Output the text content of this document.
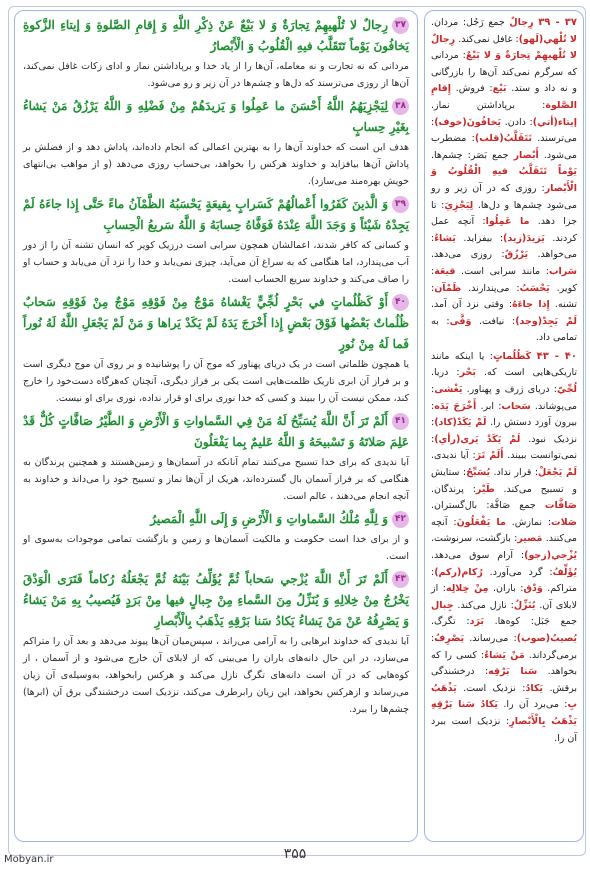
۳۷رِجالٌ لا تُلْهيهِمْ تِجارَةٌ وَ لا بَيْعٌ عَنْ ذِكْرِ اللَّهِ وَ إِقامِ الصَّلوةِ وَ إيتاءِ الزَّكوةِ يَخافُونَ يَوْماً تَتَقَلَّبُ فيهِ الْقُلُوبُ وَ الْأَبْصارُ
مردانی که نه تجارت و نه معامله، آن‌ها را از یاد خدا و برپاداشتن نماز و ادای زکات غافل نمی‌کند، آن‌ها از روزی می‌ترسند که دل‌ها و چشم‌ها در آن زیر و رو می‌شود.
۳۸لِيَجْزِيَهُمُ اللَّهُ أَحْسَنَ ما عَمِلُوا وَ يَزيدَهُمْ مِنْ فَضْلِهِ وَ اللَّهُ يَرْزُقُ مَنْ يَشاءُ بِغَيْرِ حِسابٍ
هدف این است که خداوند آن‌ها را به بهترین اعمالی که انجام داده‌اند، پاداش دهد و از فضلش بر پاداش آن‌ها بیافزاید و خداوند هرکس را بخواهد، بی‌حساب روزی می‌دهد (و از مواهب بی‌انتهای خویش بهره‌مند می‌سازد).
۳۹وَ الَّذينَ كَفَرُوا أَعْمالُهُمْ كَسَرابٍ بِقيعَةٍ يَحْسَبُهُ الظَّمْآنُ ماءً حَتَّى إِذا جاءَهُ لَمْ يَجِدْهُ شَيْئاً وَ وَجَدَ اللَّهَ عِنْدَهُ فَوَفَّاهُ حِسابَهُ وَ اللَّهُ سَريعُ الْحِسابِ
و کسانی که کافر شدند، اعمالشان همچون سرابی است درزیک کویر که انسان تشنه آن را از دور آب می‌پندارد، اما هنگامی که به سراغ آن می‌آید، چیزی نمی‌یابد و خدا را نزد آن می‌یابد و حساب او را صاف می‌کند و خداوند سریع الحساب است.
۴۰أَوْ كَظُلُماتٍ في بَحْرٍ لُجِّيٍّ يَغْشاهُ مَوْجٌ مِنْ فَوْقِهِ مَوْجٌ مِنْ فَوْقِهِ سَحابٌ ظُلُماتٌ بَعْضُها فَوْقَ بَعْضٍ إِذا أَخْرَجَ يَدَهُ لَمْ يَكَدْ يَراها وَ مَنْ لَمْ يَجْعَلِ اللَّهُ لَهُ نُوراً فَما لَهُ مِنْ نُورٍ
یا همچون ظلماتی است در یک دریای پهناور که موج آن را پوشانیده و بر روی آن موج دیگری است و بر فراز آن ابری تاریک ظلمت‌هایی است یکی بر فراز دیگری، آنچنان که‌هرگاه دست‌خود را خارج کند، ممکن نیست آن را ببیند و کسی که خدا نوری برای او قرار نداده، نوری برای او نیست.
۴۱أَلَمْ تَرَ أَنَّ اللَّهَ يُسَبِّحُ لَهُ مَنْ فِي السَّماواتِ وَ الْأَرْضِ وَ الطَّيْرُ صَافَّاتٍ كُلٌّ قَدْ عَلِمَ صَلاتَهُ وَ تَسْبيحَهُ وَ اللَّهُ عَليمٌ بِما يَفْعَلُونَ
آیا ندیدی که برای خدا تسبیح می‌کنند تمام آنانکه در آسمان‌ها و زمین‌هستند و همچنین پرندگان به هنگامی که بر فراز آسمان بال گسترده‌اند، هریک از آن‌ها نماز و تسبیح خود را می‌داند و خداوند به آنچه انجام می‌دهند ، عالم است.
۴۲وَ لِلَّهِ مُلْكُ السَّماواتِ وَ الْأَرْضِ وَ إِلَى اللَّهِ الْمَصيرُ
و از برای خدا است حکومت و مالکیت آسمان‌ها و زمین و بازگشت تمامی موجودات به‌سوی او است.
۴۳أَلَمْ تَرَ أَنَّ اللَّهَ يُزْجي سَحاباً ثُمَّ يُؤَلِّفُ بَيْنَهُ ثُمَّ يَجْعَلُهُ رُكاماً فَتَرَى الْوَدْقَ يَخْرُجُ مِنْ خِلالِهِ وَ يُنَزِّلُ مِنَ السَّماءِ مِنْ جِبالٍ فيها مِنْ بَرَدٍ فَيُصيبُ بِهِ مَنْ يَشاءُ وَ يَصْرِفُهُ عَنْ مَنْ يَشاءُ يَكادُ سَنا بَرْقِهِ يَذْهَبُ بِالْأَبْصارِ
آیا ندیدی که خداوند ابرهایی را به آرامی می‌راند ، سپس‌میان آن‌ها پیوند می‌دهد و بعد آن را متراکم می‌سازد، در این حال دانه‌های باران را می‌بینی که از لابلای آن خارج می‌شود و از آسمان ، از کوه‌هایی که در آن است دانه‌های تگرگ نازل می‌کند و هرکس را‌بخواهد، به‌وسیله‌ی آن زیان می‌رساند و ازهرکس بخواهد، این زیان رابرطرف می‌کند، نزدیک است درخشندگی برق آن (ابرها) چشم‌ها را ببرد.
۳۷ - ۳۹ رِجالٌ جمع رَجُل: مردان. لا تُلْهي(لَهو): غافل نمی‌کند. رِجالٌ لا تُلْهيهِمْ تِجارَةٌ وَ لا بَيْعٌ: مردانی که سرگرم نمی‌کند آن‌ها را بازرگانی و نه داد و ستد. بَيْع: فروش. إِقامِ الصَّلوة: برپاداشتن نماز. إيتاء(أتي): دادن. يَخافُونَ(خوف): می‌ترسند. تَتَقَلَّبُ(قلب): مضطرب می‌شود. أَبْصار جمع بَصَر: چشم‌ها. يَوْماً تَتَقَلَّبُ فيهِ الْقُلُوبُ وَ الْأَبْصار: روزی که در آن زیر و رو می‌شود چشم‌ها و دل‌ها. لِيَجْزِيَ: تا جزا دهد. ما عَمِلُوا: آنچه عمل کردند. يَزيدَ(زيد): بیفزاید. يَشاءُ: می‌خواهد. يَرْزُقُ: روزی می‌دهد. سَراب: مانند سرابی است. قيعَة: کویر. يَحْسَبُ: می‌پندارند. ظَمْآن: تشنه. إِذا جاءَهُ: وقتی نزد آن آمد. لَمْ يَجِدْ(وجد): نیافت. وَفَّى: به تمامی داد.
۴۰ - ۴۳ كَظُلُماتٍ: یا اینکه مانند تاریکی‌هایی است که. بَحْر: دریا. لُجِّيّ: دریای ژرف و پهناور. يَغْشى: می‌پوشاند. سَحاب: ابر. أَخْرَجَ يَدَه: بیرون آورد دستش را. لَمْ يَكَدْ(كاد): نزدیک نبود. لَمْ يَكَدْ يَرى(رأي): نمی‌توانست ببیند. أَلَمْ تَرَ: آیا ندیدی. لَمْ يَجْعَلْ: قرار نداد. يُسَبِّحُ: ستایش و تسبیح می‌کند. طَيْر: پرندگان. صَافَّات جمع صَافَّة: بال‌گستران. صَلات: نمازش. ما يَفْعَلُونَ: آنچه می‌کنند. مَصير: بازگشت، سرنوشت. يُزْجي(زجو): آرام سوق می‌دهد. يُؤَلِّفُ: گرد می‌آورد. رُكام(ركم): متراکم. وَدْق: باران. مِنْ خِلالِه: از لابلای آن. يُنَزِّلُ: نازل می‌کند. جِبال جمع جَبَل: کوه‌ها. بَرَد: تگرگ. يُصيبُ(صوب): می‌رساند. يَصْرِفُ: برمی‌گرداند. مَنْ يَشاءُ: کسی را که بخواهد. سَنا بَرْقِه: درخشندگی برقش. يَكادُ: نزدیک است. يَذْهَبُ بِ: می‌برد آن را. يَكادُ سَنا بَرْقِهِ يَذْهَبُ بِالْأَبْصارِ: نزدیک است ببرد آن را.
۳۵۵
Mobyan.ir
